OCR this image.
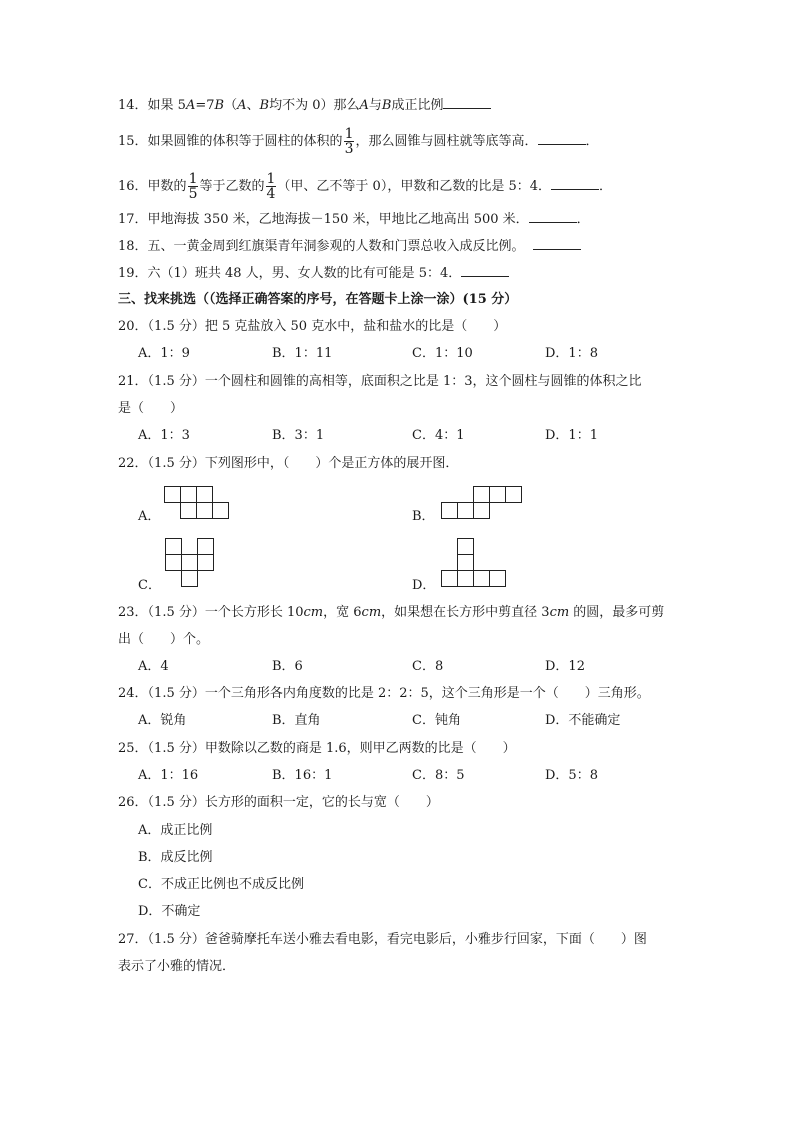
14．如果 5A=7B（A、B均不为 0）那么A与B成正比例
15．如果圆锥的体积等于圆柱的体积的 $\frac{1}{3}$ ，那么圆锥与圆柱就等底等高．	．
16．甲数的 $\frac{1}{5}$ 等于乙数的 $\frac{1}{4}$ （甲、乙不等于 0），甲数和乙数的比是 5：4．	．
17．甲地海拔 350 米，乙地海拔－150 米，甲地比乙地高出 500 米．	．
18．五、一黄金周到红旗渠青年洞参观的人数和门票总收入成反比例。
19．六（1）班共 48 人，男、女人数的比有可能是 5：4．
三、找来挑选（（选择正确答案的序号，在答题卡上涂一涂）(15 分）
20．（1.5 分）把 5 克盐放入 50 克水中，盐和盐水的比是（　　）
A．1：9	B．1：11	C．1：10	D．1：8
21．（1.5 分）一个圆柱和圆锥的高相等，底面积之比是 1：3，这个圆柱与圆锥的体积之比
是（　　）
A．1：3	B．3：1	C．4：1	D．1：1
22．（1.5 分）下列图形中，（　　）个是正方体的展开图．
A．	B．
C．	D．
23．（1.5 分）一个长方形长 10cm，宽 6cm，如果想在长方形中剪直径 3cm 的圆，最多可剪
出（　　）个。
A．4	B．6	C．8	D．12
24．（1.5 分）一个三角形各内角度数的比是 2：2：5，这个三角形是一个（　　）三角形。
A．锐角	B．直角	C．钝角	D．不能确定
25．（1.5 分）甲数除以乙数的商是 1.6，则甲乙两数的比是（　　）
A．1：16	B．16：1	C．8：5	D．5：8
26．（1.5 分）长方形的面积一定，它的长与宽（　　）
A．成正比例
B．成反比例
C．不成正比例也不成反比例
D．不确定
27．（1.5 分）爸爸骑摩托车送小雅去看电影，看完电影后，小雅步行回家，下面（　　）图
表示了小雅的情况．
